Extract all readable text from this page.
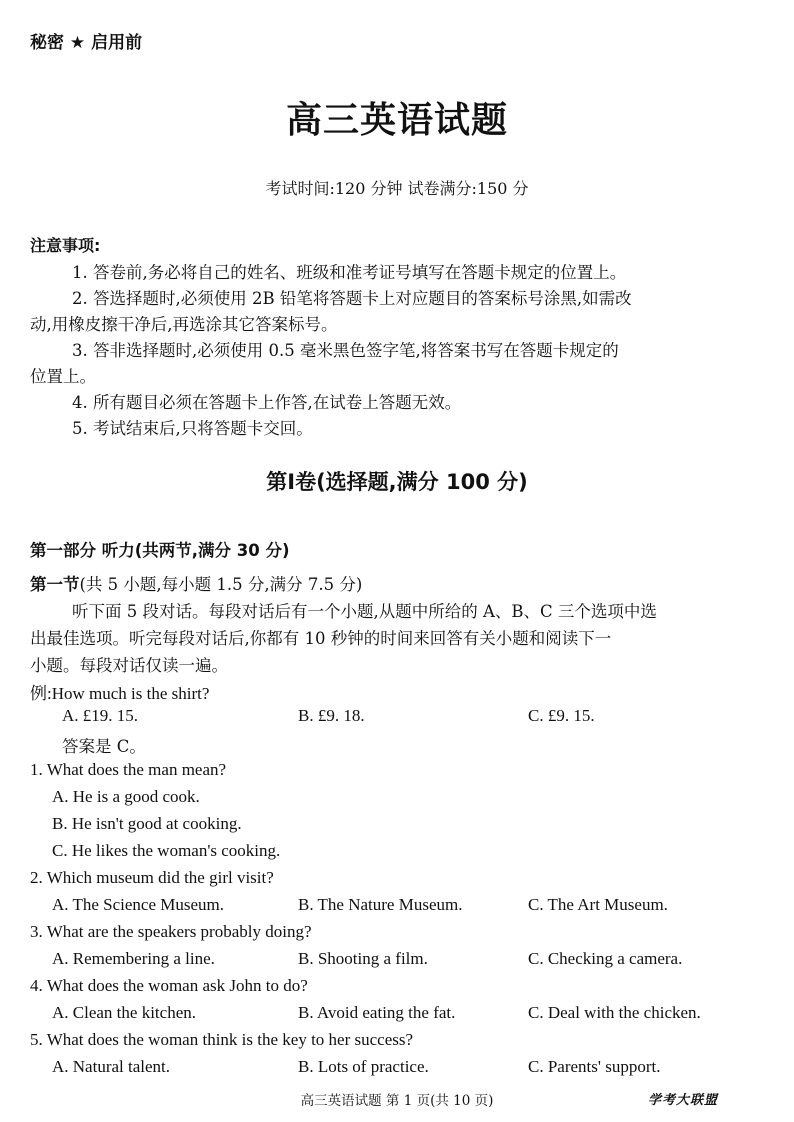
秘密 ★ 启用前
高三英语试题
考试时间:120 分钟 试卷满分:150 分
注意事项:
1. 答卷前,务必将自己的姓名、班级和准考证号填写在答题卡规定的位置上。
2. 答选择题时,必须使用 2B 铅笔将答题卡上对应题目的答案标号涂黑,如需改
动,用橡皮擦干净后,再选涂其它答案标号。
3. 答非选择题时,必须使用 0.5 毫米黑色签字笔,将答案书写在答题卡规定的
位置上。
4. 所有题目必须在答题卡上作答,在试卷上答题无效。
5. 考试结束后,只将答题卡交回。
第Ⅰ卷(选择题,满分 100 分)
第一部分 听力(共两节,满分 30 分)
第一节(共 5 小题,每小题 1.5 分,满分 7.5 分)
听下面 5 段对话。每段对话后有一个小题,从题中所给的 A、B、C 三个选项中选
出最佳选项。听完每段对话后,你都有 10 秒钟的时间来回答有关小题和阅读下一
小题。每段对话仅读一遍。
例:How much is the shirt?
A. £19. 15.	B. £9. 18.	C. £9. 15.
答案是 C。
1. What does the man mean?
A. He is a good cook.
B. He isn't good at cooking.
C. He likes the woman's cooking.
2. Which museum did the girl visit?
A. The Science Museum.	B. The Nature Museum.	C. The Art Museum.
3. What are the speakers probably doing?
A. Remembering a line.	B. Shooting a film.	C. Checking a camera.
4. What does the woman ask John to do?
A. Clean the kitchen.	B. Avoid eating the fat.	C. Deal with the chicken.
5. What does the woman think is the key to her success?
A. Natural talent.	B. Lots of practice.	C. Parents' support.
高三英语试题 第 1 页(共 10 页)	学考大联盟
